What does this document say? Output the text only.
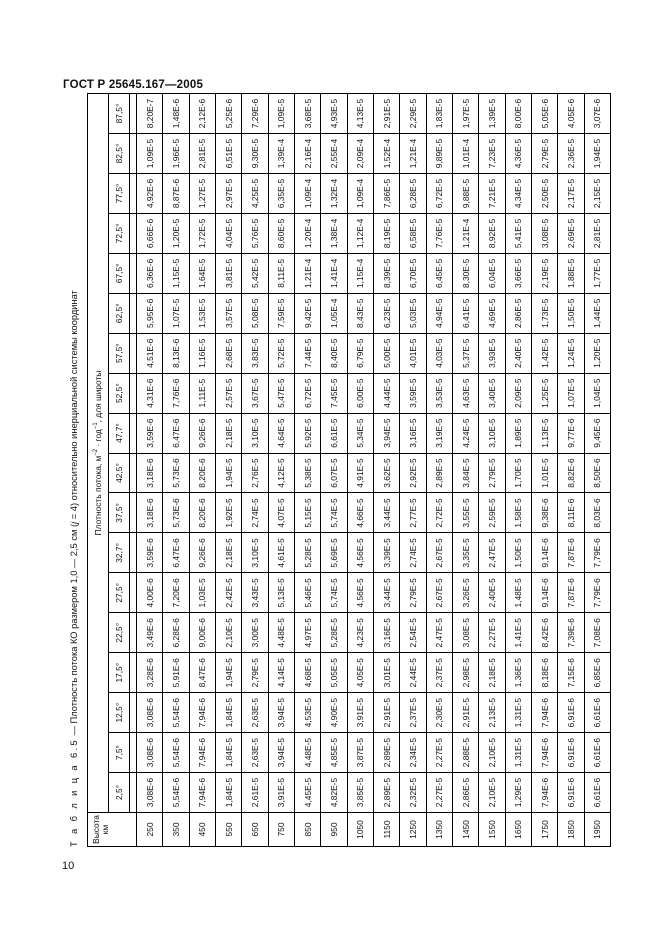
ГОСТ Р 25645.167—2005
Т а б л и ц а 6.5 — Плотность потока КО размером 1,0 — 2,5 см (j = 4) относительно инерциальной системы координат
Высота
км	Плотность потока, $м^{-2} \cdot год^{-1}$, для широты																	
	2,5°	7,5°	12,5°	17,5°	22,5°	27,5°	32,7°	37,5°	42,5°	47,7°	52,5°	57,5°	62,5°	67,5°	72,5°	77,5°	82,5°	87,5°

250	3,08E-6	3,08E-6	3,08E-6	3,28E-6	3,49E-6	4,00E-6	3,59E-6	3,18E-6	3,18E-6	3,59E-6	4,31E-6	4,51E-6	5,95E-6	6,36E-6	6,66E-6	4,92E-6	1,09E-5	8,20E-7
350	5,54E-6	5,54E-6	5,54E-6	5,91E-6	6,28E-6	7,20E-6	6,47E-6	5,73E-6	5,73E-6	6,47E-6	7,76E-6	8,13E-6	1,07E-5	1,15E-5	1,20E-5	8,87E-6	1,96E-5	1,48E-6
450	7,94E-6	7,94E-6	7,94E-6	8,47E-6	9,00E-6	1,03E-5	9,26E-6	8,20E-6	8,20E-6	9,26E-6	1,11E-5	1,16E-5	1,53E-5	1,64E-5	1,72E-5	1,27E-5	2,81E-5	2,12E-6
550	1,84E-5	1,84E-5	1,84E-5	1,94E-5	2,10E-5	2,42E-5	2,18E-5	1,92E-5	1,94E-5	2,18E-5	2,57E-5	2,68E-5	3,57E-5	3,81E-5	4,04E-5	2,97E-5	6,51E-5	5,25E-6
650	2,61E-5	2,63E-5	2,63E-5	2,79E-5	3,00E-5	3,43E-5	3,10E-5	2,74E-5	2,76E-5	3,10E-5	3,67E-5	3,83E-5	5,08E-5	5,42E-5	5,76E-5	4,25E-5	9,30E-5	7,29E-6
750	3,91E-5	3,94E-5	3,94E-5	4,14E-5	4,48E-5	5,13E-5	4,61E-5	4,07E-5	4,12E-5	4,64E-5	5,47E-5	5,72E-5	7,59E-5	8,11E-5	8,60E-5	6,35E-5	1,39E-4	1,09E-5
850	4,45E-5	4,48E-5	4,53E-5	4,68E-5	4,97E-5	5,46E-5	5,28E-5	5,15E-5	5,38E-5	5,92E-5	6,72E-5	7,44E-5	9,42E-5	1,21E-4	1,20E-4	1,09E-4	2,16E-4	3,68E-5
950	4,82E-5	4,85E-5	4,90E-5	5,05E-5	5,28E-5	5,74E-5	5,69E-5	5,74E-5	6,07E-5	6,61E-5	7,45E-5	8,40E-5	1,05E-4	1,41E-4	1,38E-4	1,32E-4	2,55E-4	4,93E-5
1050	3,85E-5	3,87E-5	3,91E-5	4,05E-5	4,23E-5	4,56E-5	4,56E-5	4,66E-5	4,91E-5	5,34E-5	6,00E-5	6,79E-5	8,43E-5	1,15E-4	1,12E-4	1,09E-4	2,09E-4	4,13E-5
1150	2,89E-5	2,89E-5	2,91E-5	3,01E-5	3,16E-5	3,44E-5	3,39E-5	3,44E-5	3,62E-5	3,94E-5	4,44E-5	5,00E-5	6,23E-5	8,39E-5	8,19E-5	7,86E-5	1,52E-4	2,91E-5
1250	2,32E-5	2,34E-5	2,37E-5	2,44E-5	2,54E-5	2,79E-5	2,74E-5	2,77E-5	2,92E-5	3,16E-5	3,59E-5	4,01E-5	5,03E-5	6,70E-5	6,58E-5	6,28E-5	1,21E-4	2,29E-5
1350	2,27E-5	2,27E-5	2,30E-5	2,37E-5	2,47E-5	2,67E-5	2,67E-5	2,72E-5	2,89E-5	3,19E-5	3,53E-5	4,03E-5	4,94E-5	6,45E-5	7,76E-5	6,72E-5	9,89E-5	1,83E-5
1450	2,86E-5	2,88E-5	2,91E-5	2,98E-5	3,08E-5	3,26E-5	3,35E-5	3,55E-5	3,84E-5	4,24E-5	4,63E-5	5,37E-5	6,41E-5	8,30E-5	1,21E-4	9,88E-5	1,01E-4	1,97E-5
1550	2,10E-5	2,10E-5	2,13E-5	2,18E-5	2,27E-5	2,40E-5	2,47E-5	2,59E-5	2,79E-5	3,10E-5	3,40E-5	3,93E-5	4,69E-5	6,04E-5	8,92E-5	7,21E-5	7,23E-5	1,39E-5
1650	1,29E-5	1,31E-5	1,31E-5	1,36E-5	1,41E-5	1,48E-5	1,50E-5	1,58E-5	1,70E-5	1,89E-5	2,09E-5	2,40E-5	2,86E-5	3,66E-5	5,41E-5	4,34E-5	4,36E-5	8,00E-6
1750	7,94E-6	7,94E-6	7,94E-6	8,18E-6	8,42E-6	9,14E-6	9,14E-6	9,38E-6	1,01E-5	1,13E-5	1,25E-5	1,42E-5	1,73E-5	2,19E-5	3,08E-5	2,50E-5	2,79E-5	5,05E-6
1850	6,91E-6	6,91E-6	6,91E-6	7,15E-6	7,39E-6	7,87E-6	7,87E-6	8,11E-6	8,82E-6	9,77E-6	1,07E-5	1,24E-5	1,50E-5	1,88E-5	2,69E-5	2,17E-5	2,36E-5	4,05E-6
1950	6,61E-6	6,61E-6	6,61E-6	6,85E-6	7,08E-6	7,79E-6	7,79E-6	8,03E-6	8,50E-6	9,45E-6	1,04E-5	1,20E-5	1,44E-5	1,77E-5	2,81E-5	2,15E-5	1,94E-5	3,07E-6
10
